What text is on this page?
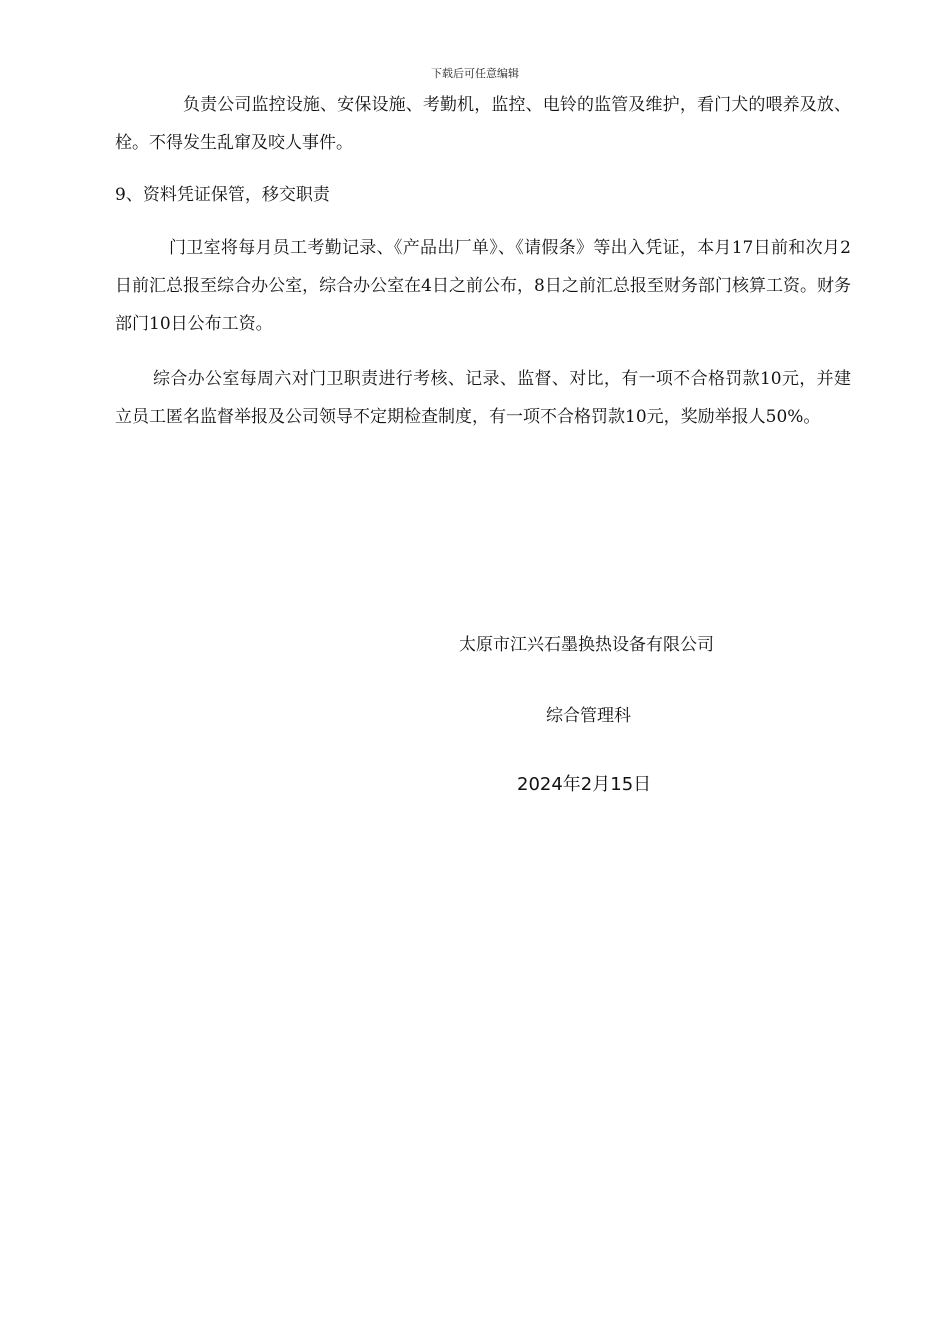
下载后可任意编辑

负责公司监控设施、安保设施、考勤机，监控、电铃的监管及维护，看门犬的喂养及放、栓。不得发生乱窜及咬人事件。

9、资料凭证保管，移交职责

门卫室将每月员工考勤记录、《产品出厂单》、《请假条》等出入凭证，本月17日前和次月2日前汇总报至综合办公室，综合办公室在4日之前公布，8日之前汇总报至财务部门核算工资。财务部门10日公布工资。

综合办公室每周六对门卫职责进行考核、记录、监督、对比，有一项不合格罚款10元，并建立员工匿名监督举报及公司领导不定期检查制度，有一项不合格罚款10元，奖励举报人50%。

太原市江兴石墨换热设备有限公司
综合管理科
2024年2月15日
